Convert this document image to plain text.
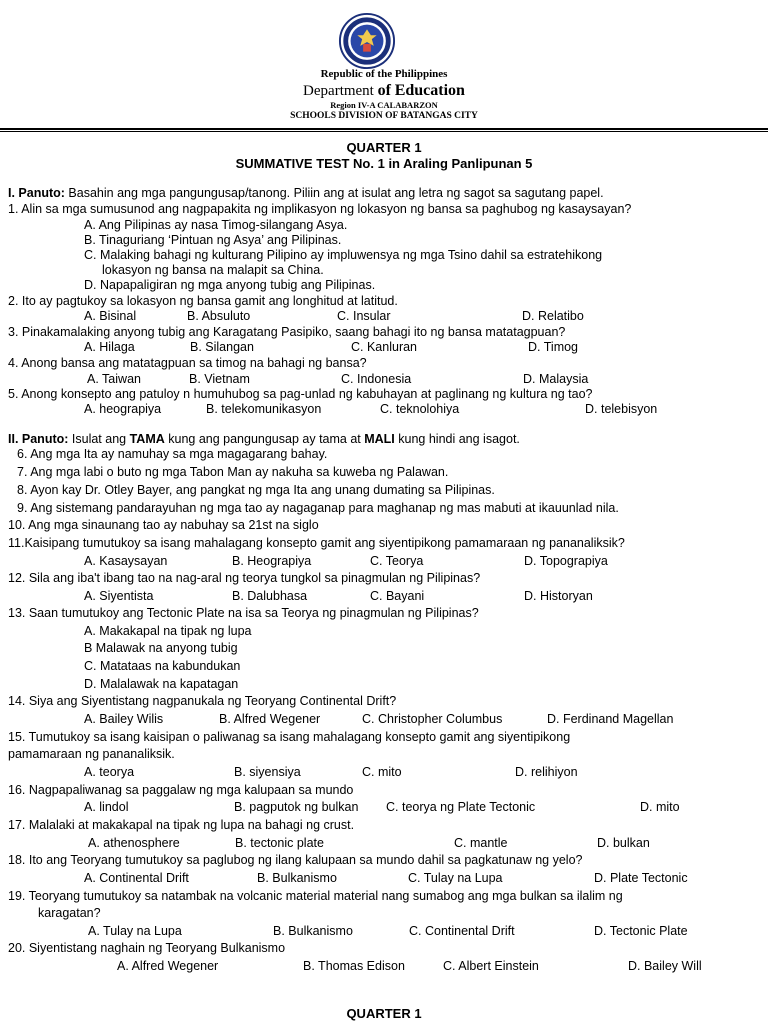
Republic of the Philippines
Department of Education
Region IV-A CALABARZON
SCHOOLS DIVISION OF BATANGAS CITY
QUARTER 1
SUMMATIVE TEST No. 1 in Araling Panlipunan 5
I. Panuto: Basahin ang mga pangungusap/tanong. Piliin ang at isulat ang letra ng sagot sa sagutang papel.
1. Alin sa mga sumusunod ang nagpapakita ng implikasyon ng lokasyon ng bansa sa paghubog ng kasaysayan?
A. Ang Pilipinas ay nasa Timog-silangang Asya.
B. Tinaguriang ‘Pintuan ng Asya’ ang Pilipinas.
C. Malaking bahagi ng kulturang Pilipino ay impluwensya ng mga Tsino dahil sa estratehikong
lokasyon ng bansa na malapit sa China.
D. Napapaligiran ng mga anyong tubig ang Pilipinas.
2. Ito ay pagtukoy sa lokasyon ng bansa gamit ang longhitud at latitud.
A. Bisinal	B. Absuluto	C. Insular	D. Relatibo
3. Pinakamalaking anyong tubig ang Karagatang Pasipiko, saang bahagi ito ng bansa matatagpuan?
A. Hilaga	B. Silangan	C. Kanluran	D. Timog
4. Anong bansa ang matatagpuan sa timog na bahagi ng bansa?
A. Taiwan	B. Vietnam	C. Indonesia	D. Malaysia
5. Anong konsepto ang patuloy n humuhubog sa pag-unlad ng kabuhayan at paglinang ng kultura ng tao?
A. heograpiya	B. telekomunikasyon	C. teknolohiya	D. telebisyon
II. Panuto: Isulat ang TAMA kung ang pangungusap ay tama at MALI kung hindi ang isagot.
6. Ang mga Ita ay namuhay sa mga magagarang bahay.
7. Ang mga labi o buto ng mga Tabon Man ay nakuha sa kuweba ng Palawan.
8. Ayon kay Dr. Otley Bayer, ang pangkat ng mga Ita ang unang dumating sa Pilipinas.
9. Ang sistemang pandarayuhan ng mga tao ay nagaganap para maghanap ng mas mabuti at ikauunlad nila.
10. Ang mga sinaunang tao ay nabuhay sa 21st na siglo
11.Kaisipang tumutukoy sa isang mahalagang konsepto gamit ang siyentipikong pamamaraan ng pananaliksik?
A. Kasaysayan	B. Heograpiya	C. Teorya	D. Topograpiya
12. Sila ang iba't ibang tao na nag-aral ng teorya tungkol sa pinagmulan ng Pilipinas?
A. Siyentista	B. Dalubhasa	C. Bayani	D. Historyan
13. Saan tumutukoy ang Tectonic Plate na isa sa Teorya ng pinagmulan ng Pilipinas?
A. Makakapal na tipak ng lupa
B Malawak na anyong tubig
C. Matataas na kabundukan
D. Malalawak na kapatagan
14. Siya ang Siyentistang nagpanukala ng Teoryang Continental Drift?
A. Bailey Wilis	B. Alfred Wegener	C. Christopher Columbus	D. Ferdinand Magellan
15. Tumutukoy sa isang kaisipan o paliwanag sa isang mahalagang konsepto gamit ang siyentipikong
pamamaraan ng pananaliksik.
A. teorya	B. siyensiya	C. mito	D. relihiyon
16. Nagpapaliwanag sa paggalaw ng mga kalupaan sa mundo
A. lindol	B. pagputok ng bulkan C. teorya ng Plate Tectonic	D. mito
17. Malalaki at makakapal na tipak ng lupa na bahagi ng crust.
A. athenosphere	B. tectonic plate	C. mantle	D. bulkan
18. Ito ang Teoryang tumutukoy sa paglubog ng ilang kalupaan sa mundo dahil sa pagkatunaw ng yelo?
A. Continental Drift	B. Bulkanismo	C. Tulay na Lupa	D. Plate Tectonic
19. Teoryang tumutukoy sa natambak na volcanic material material nang sumabog ang mga bulkan sa ilalim ng
karagatan?
A. Tulay na Lupa	B. Bulkanismo	C. Continental Drift	D. Tectonic Plate
20. Siyentistang naghain ng Teoryang Bulkanismo
A. Alfred Wegener	B. Thomas Edison	C. Albert Einstein	D. Bailey Will
QUARTER 1
